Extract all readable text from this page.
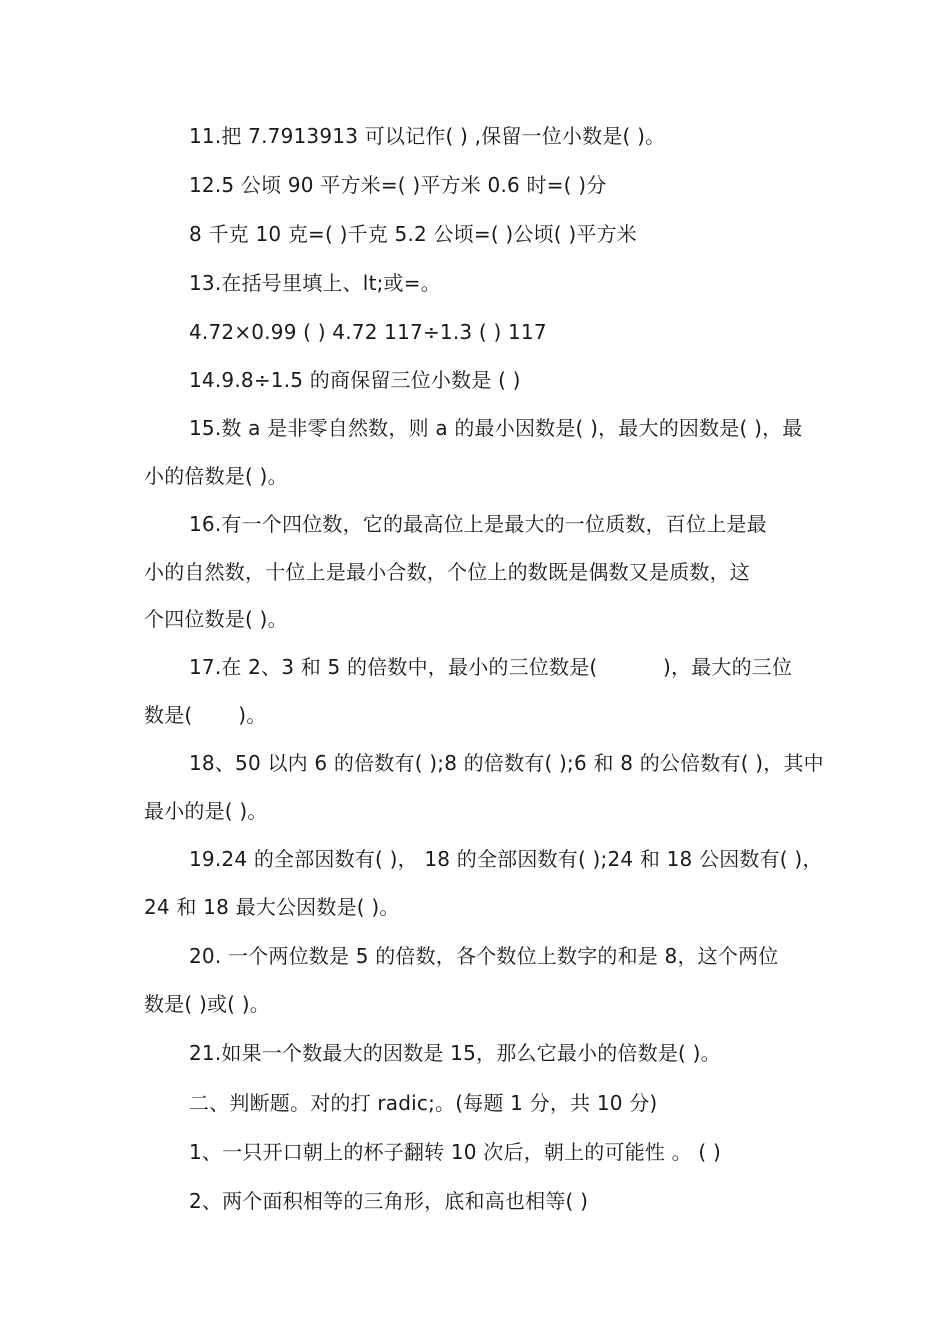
11.把 7.7913913 可以记作( ) ,保留一位小数是( )。
12.5 公顷 90 平方米=( )平方米 0.6 时=( )分
8 千克 10 克=( )千克 5.2 公顷=( )公顷( )平方米
13.在括号里填上、lt;或=。
4.72×0.99 ( ) 4.72 117÷1.3 ( ) 117
14.9.8÷1.5 的商保留三位小数是 ( )
15.数 a 是非零自然数，则 a 的最小因数是( )，最大的因数是( )，最
小的倍数是( )。
16.有一个四位数，它的最高位上是最大的一位质数，百位上是最
小的自然数，十位上是最小合数，个位上的数既是偶数又是质数，这
个四位数是( )。
17.在 2、3 和 5 的倍数中，最小的三位数是(          )，最大的三位
数是(       )。
18、50 以内 6 的倍数有( );8 的倍数有( );6 和 8 的公倍数有( )，其中
最小的是( )。
19.24 的全部因数有( )， 18 的全部因数有( );24 和 18 公因数有( )，
24 和 18 最大公因数是( )。
20. 一个两位数是 5 的倍数，各个数位上数字的和是 8，这个两位
数是( )或( )。
21.如果一个数最大的因数是 15，那么它最小的倍数是( )。
二、判断题。对的打 radic;。(每题 1 分，共 10 分)
1、一只开口朝上的杯子翻转 10 次后，朝上的可能性 。 ( )
2、两个面积相等的三角形，底和高也相等( )
